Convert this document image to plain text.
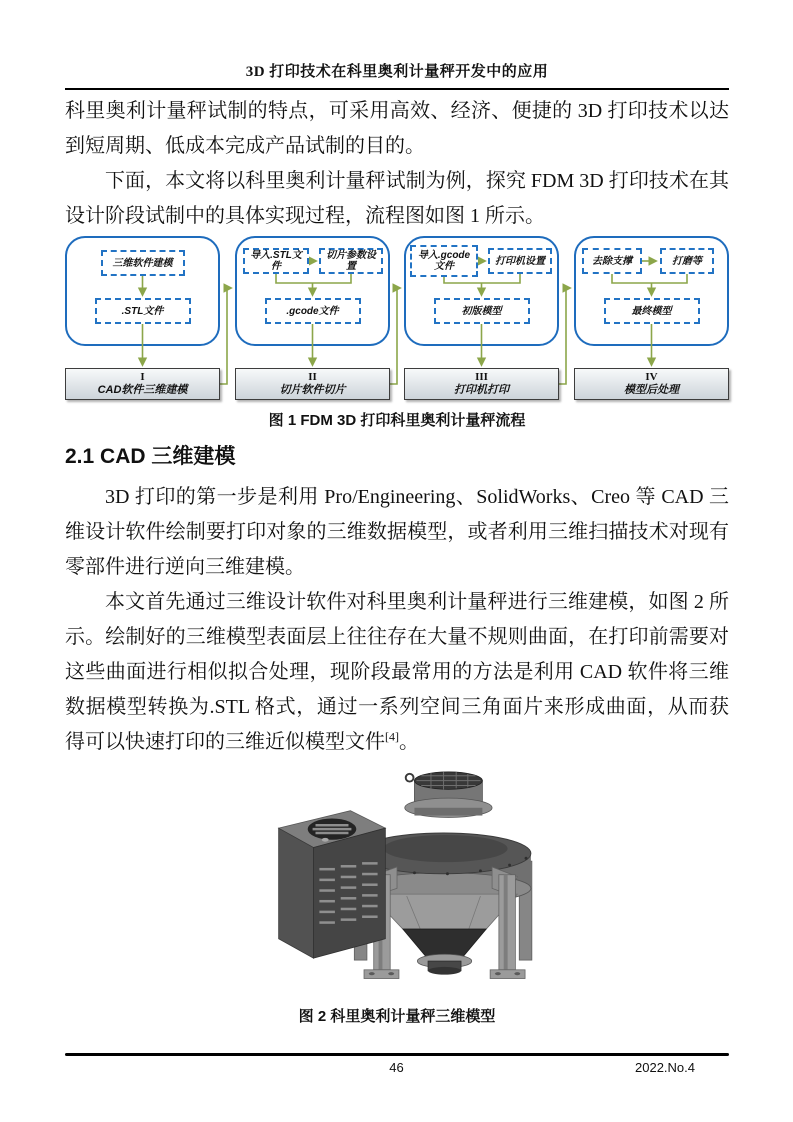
3D 打印技术在科里奥利计量秤开发中的应用

科里奥利计量秤试制的特点，可采用高效、经济、便捷的 3D 打印技术以达到短周期、低成本完成产品试制的目的。

下面，本文将以科里奥利计量秤试制为例，探究 FDM 3D 打印技术在其设计阶段试制中的具体实现过程，流程图如图 1 所示。

三维软件建模
.STL文件
导入.STL文件
切片参数设置
.gcode文件
导入.gcode文件	打印机设置
初版模型
去除支撑	打磨等
最终模型
I
CAD软件三维建模
II
切片软件切片
III
打印机打印
IV
模型后处理
图 1 FDM 3D 打印科里奥利计量秤流程
2.1 CAD 三维建模

3D 打印的第一步是利用 Pro/Engineering、SolidWorks、Creo 等 CAD 三维设计软件绘制要打印对象的三维数据模型，或者利用三维扫描技术对现有零部件进行逆向三维建模。

本文首先通过三维设计软件对科里奥利计量秤进行三维建模，如图 2 所示。绘制好的三维模型表面层上往往存在大量不规则曲面，在打印前需要对这些曲面进行相似拟合处理，现阶段最常用的方法是利用 CAD 软件将三维数据模型转换为.STL 格式，通过一系列空间三角面片来形成曲面，从而获得可以快速打印的三维近似模型文件[4]。

图 2 科里奥利计量秤三维模型
46	2022.No.4
